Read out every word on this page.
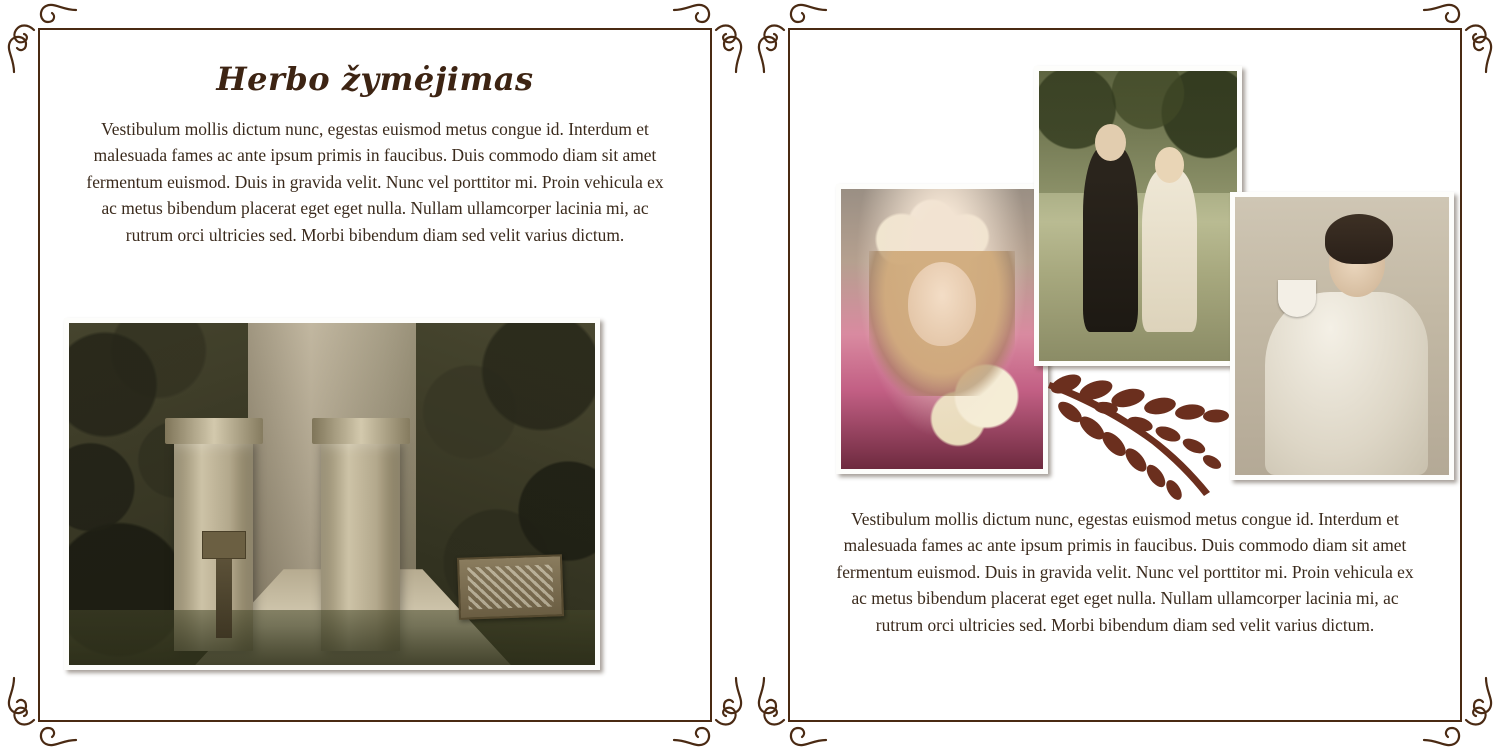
Herbo žymėjimas

Vestibulum mollis dictum nunc, egestas euismod metus congue id. Interdum et malesuada fames ac ante ipsum primis in faucibus. Duis commodo diam sit amet fermentum euismod. Duis in gravida velit. Nunc vel porttitor mi. Proin vehicula ex ac metus bibendum placerat eget eget nulla. Nullam ullamcorper lacinia mi, ac rutrum orci ultricies sed. Morbi bibendum diam sed velit varius dictum.

Vestibulum mollis dictum nunc, egestas euismod metus congue id. Interdum et malesuada fames ac ante ipsum primis in faucibus. Duis commodo diam sit amet fermentum euismod. Duis in gravida velit. Nunc vel porttitor mi. Proin vehicula ex ac metus bibendum placerat eget eget nulla. Nullam ullamcorper lacinia mi, ac rutrum orci ultricies sed. Morbi bibendum diam sed velit varius dictum.
